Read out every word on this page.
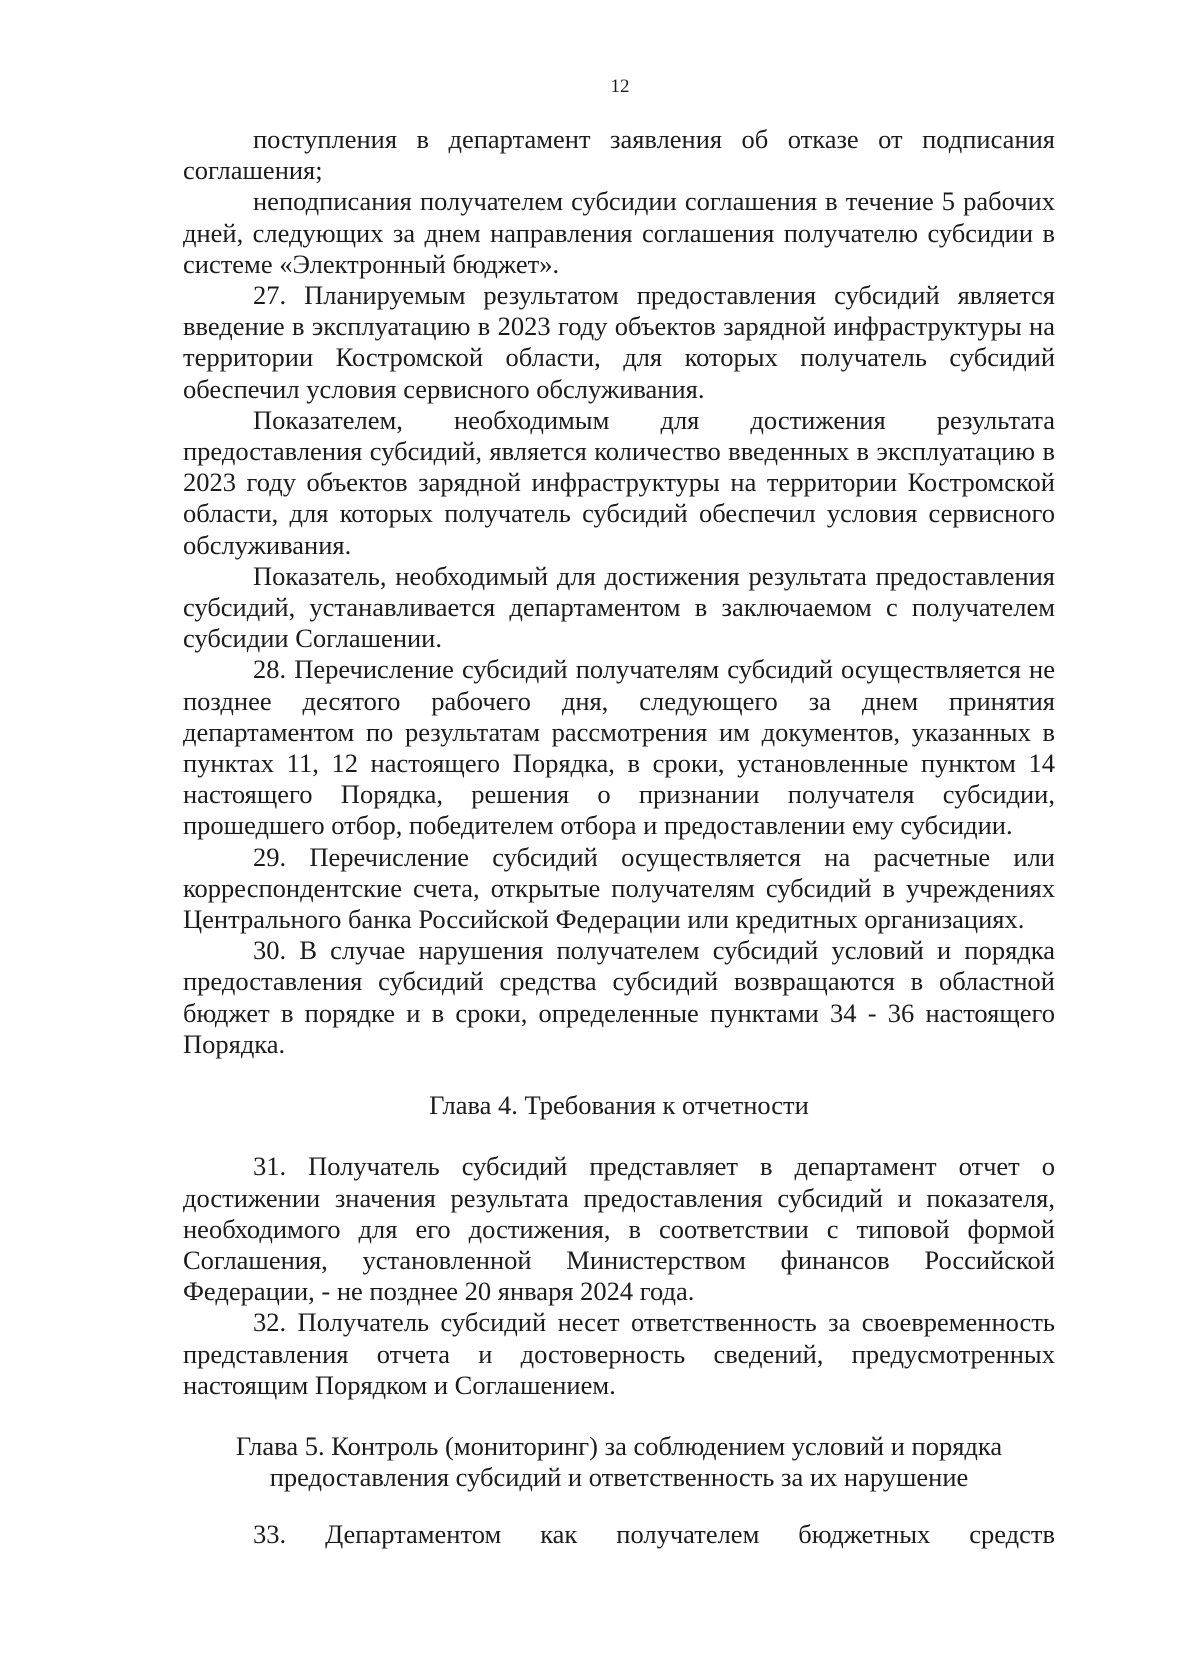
12

поступления в департамент заявления об отказе от подписания соглашения;

неподписания получателем субсидии соглашения в течение 5 рабочих дней, следующих за днем направления соглашения получателю субсидии в системе «Электронный бюджет».

27. Планируемым результатом предоставления субсидий является введение в эксплуатацию в 2023 году объектов зарядной инфраструктуры на территории Костромской области, для которых получатель субсидий обеспечил условия сервисного обслуживания.

Показателем, необходимым для достижения результата предоставления субсидий, является количество введенных в эксплуатацию в 2023 году объектов зарядной инфраструктуры на территории Костромской области, для которых получатель субсидий обеспечил условия сервисного обслуживания.

Показатель, необходимый для достижения результата предоставления субсидий, устанавливается департаментом в заключаемом с получателем субсидии Соглашении.

28. Перечисление субсидий получателям субсидий осуществляется не позднее десятого рабочего дня, следующего за днем принятия департаментом по результатам рассмотрения им документов, указанных в пунктах 11, 12 настоящего Порядка, в сроки, установленные пунктом 14 настоящего Порядка, решения о признании получателя субсидии, прошедшего отбор, победителем отбора и предоставлении ему субсидии.

29. Перечисление субсидий осуществляется на расчетные или корреспондентские счета, открытые получателям субсидий в учреждениях Центрального банка Российской Федерации или кредитных организациях.

30. В случае нарушения получателем субсидий условий и порядка предоставления субсидий средства субсидий возвращаются в областной бюджет в порядке и в сроки, определенные пунктами 34 - 36 настоящего Порядка.

Глава 4. Требования к отчетности

31. Получатель субсидий представляет в департамент отчет о достижении значения результата предоставления субсидий и показателя, необходимого для его достижения, в соответствии с типовой формой Соглашения, установленной Министерством финансов Российской Федерации, - не позднее 20 января 2024 года.

32. Получатель субсидий несет ответственность за своевременность представления отчета и достоверность сведений, предусмотренных настоящим Порядком и Соглашением.

Глава 5. Контроль (мониторинг) за соблюдением условий и порядка предоставления субсидий и ответственность за их нарушение

33. Департаментом как получателем бюджетных средств
